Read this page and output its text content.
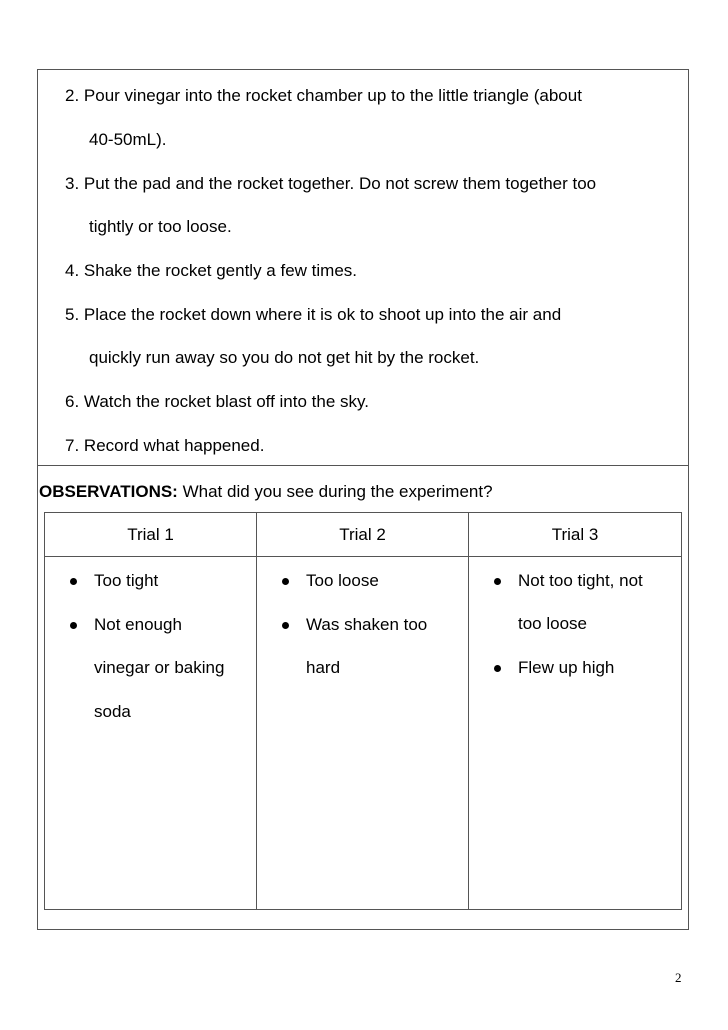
2. Pour vinegar into the rocket chamber up to the little triangle (about
40-50mL).
3. Put the pad and the rocket together. Do not screw them together too
tightly or too loose.
4. Shake the rocket gently a few times.
5. Place the rocket down where it is ok to shoot up into the air and
quickly run away so you do not get hit by the rocket.
6. Watch the rocket blast off into the sky.
7. Record what happened.
OBSERVATIONS: What did you see during the experiment?
Trial 1	Trial 2	Trial 3
Too tight
Not enough
vinegar or baking
soda
Too loose
Was shaken too
hard
Not too tight, not
too loose
Flew up high
2
